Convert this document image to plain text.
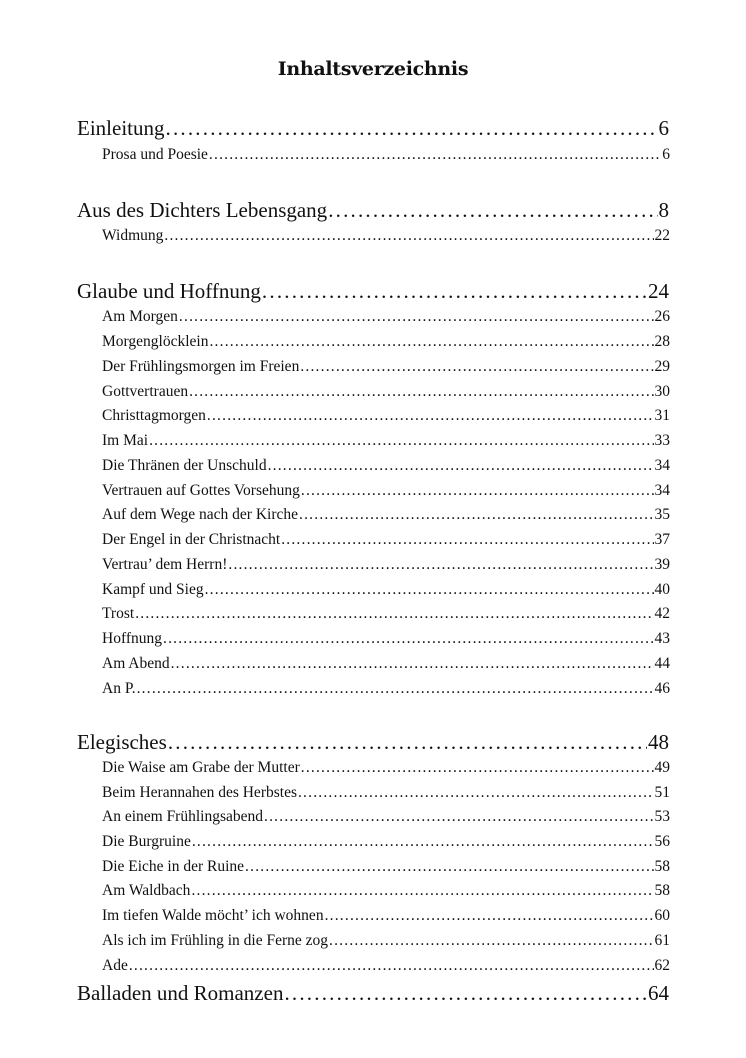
Inhaltsverzeichnis
Einleitung .....	6
Prosa und Poesie .....	6
Aus des Dichters Lebensgang .....	8
Widmung .....	22
Glaube und Hoffnung .....	24
Am Morgen .....	26
Morgenglöcklein .....	28
Der Frühlingsmorgen im Freien .....	29
Gottvertrauen .....	30
Christtagmorgen .....	31
Im Mai .....	33
Die Thränen der Unschuld .....	34
Vertrauen auf Gottes Vorsehung .....	34
Auf dem Wege nach der Kirche .....	35
Der Engel in der Christnacht .....	37
Vertrau’ dem Herrn! .....	39
Kampf und Sieg .....	40
Trost .....	42
Hoffnung .....	43
Am Abend .....	44
An P. .....	46
Elegisches .....	48
Die Waise am Grabe der Mutter .....	49
Beim Herannahen des Herbstes .....	51
An einem Frühlingsabend .....	53
Die Burgruine .....	56
Die Eiche in der Ruine .....	58
Am Waldbach .....	58
Im tiefen Walde möcht’ ich wohnen .....	60
Als ich im Frühling in die Ferne zog .....	61
Ade .....	62
Balladen und Romanzen .....	64
